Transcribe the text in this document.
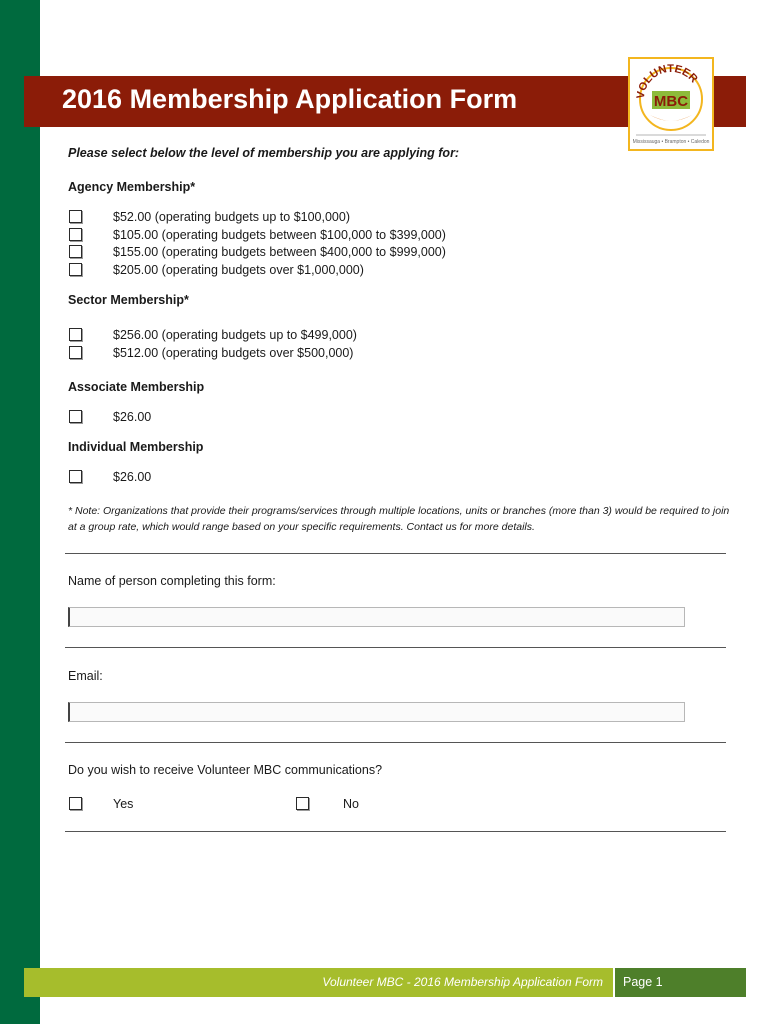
2016 Membership Application Form	VOLUNTEER
MBC
Mississauga • Brampton • Caledon
Please select below the level of membership you are applying for:
Agency Membership*
$52.00 (operating budgets up to $100,000)
$105.00 (operating budgets between $100,000 to $399,000)
$155.00 (operating budgets between $400,000 to $999,000)
$205.00 (operating budgets over $1,000,000)
Sector Membership*
$256.00 (operating budgets up to $499,000)
$512.00 (operating budgets over $500,000)
Associate Membership
$26.00
Individual Membership
$26.00
* Note: Organizations that provide their programs/services through multiple locations, units or branches (more than 3) would be required to join at a group rate, which would range based on your specific requirements. Contact us for more details.
Name of person completing this form:
Email:
Do you wish to receive Volunteer MBC communications?
Yes	No
Volunteer MBC - 2016 Membership Application Form Page 1
